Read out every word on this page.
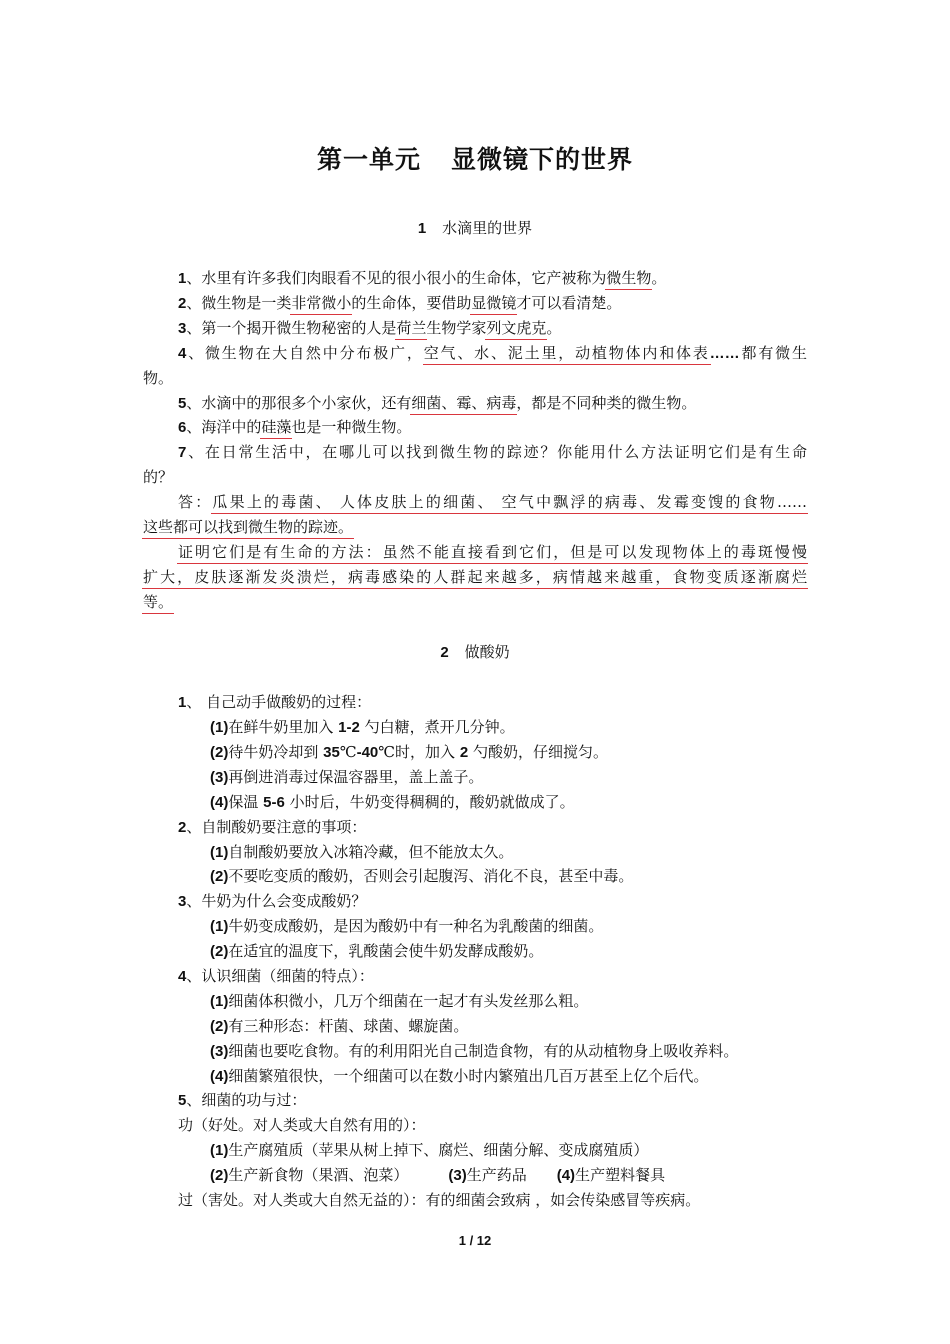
第一单元 显微镜下的世界
1 水滴里的世界
1、水里有许多我们肉眼看不见的很小很小的生命体，它产被称为微生物。
2、微生物是一类非常微小的生命体，要借助显微镜才可以看清楚。
3、第一个揭开微生物秘密的人是荷兰生物学家列文虎克。
4、微生物在大自然中分布极广，空气、水、泥土里，动植物体内和体表……都有微生
物。
5、水滴中的那很多个小家伙，还有细菌、霉、病毒，都是不同种类的微生物。
6、海洋中的硅藻也是一种微生物。
7、在日常生活中，在哪儿可以找到微生物的踪迹？你能用什么方法证明它们是有生命
的？
答：瓜果上的毒菌、 人体皮肤上的细菌、 空气中飘浮的病毒、发霉变馊的食物……
这些都可以找到微生物的踪迹。
证明它们是有生命的方法：虽然不能直接看到它们，但是可以发现物体上的毒斑慢慢
扩大，皮肤逐渐发炎溃烂，病毒感染的人群起来越多，病情越来越重，食物变质逐渐腐烂
等。
2 做酸奶
1、 自己动手做酸奶的过程：
(1)在鲜牛奶里加入 1-2 勺白糖，煮开几分钟。
(2)待牛奶冷却到 35℃-40℃时，加入 2 勺酸奶，仔细搅匀。
(3)再倒进消毒过保温容器里，盖上盖子。
(4)保温 5-6 小时后，牛奶变得稠稠的，酸奶就做成了。
2、自制酸奶要注意的事项：
(1)自制酸奶要放入冰箱冷藏，但不能放太久。
(2)不要吃变质的酸奶，否则会引起腹泻、消化不良，甚至中毒。
3、牛奶为什么会变成酸奶？
(1)牛奶变成酸奶，是因为酸奶中有一种名为乳酸菌的细菌。
(2)在适宜的温度下，乳酸菌会使牛奶发酵成酸奶。
4、认识细菌（细菌的特点）：
(1)细菌体积微小，几万个细菌在一起才有头发丝那么粗。
(2)有三种形态：杆菌、球菌、螺旋菌。
(3)细菌也要吃食物。有的利用阳光自己制造食物，有的从动植物身上吸收养料。
(4)细菌繁殖很快，一个细菌可以在数小时内繁殖出几百万甚至上亿个后代。
5、细菌的功与过：
功（好处。对人类或大自然有用的）：
(1)生产腐殖质（苹果从树上掉下、腐烂、细菌分解、变成腐殖质）
(2)生产新食物（果酒、泡菜）	(3)生产药品 (4)生产塑料餐具
过（害处。对人类或大自然无益的）：有的细菌会致病 ，如会传染感冒等疾病。
1 / 12
